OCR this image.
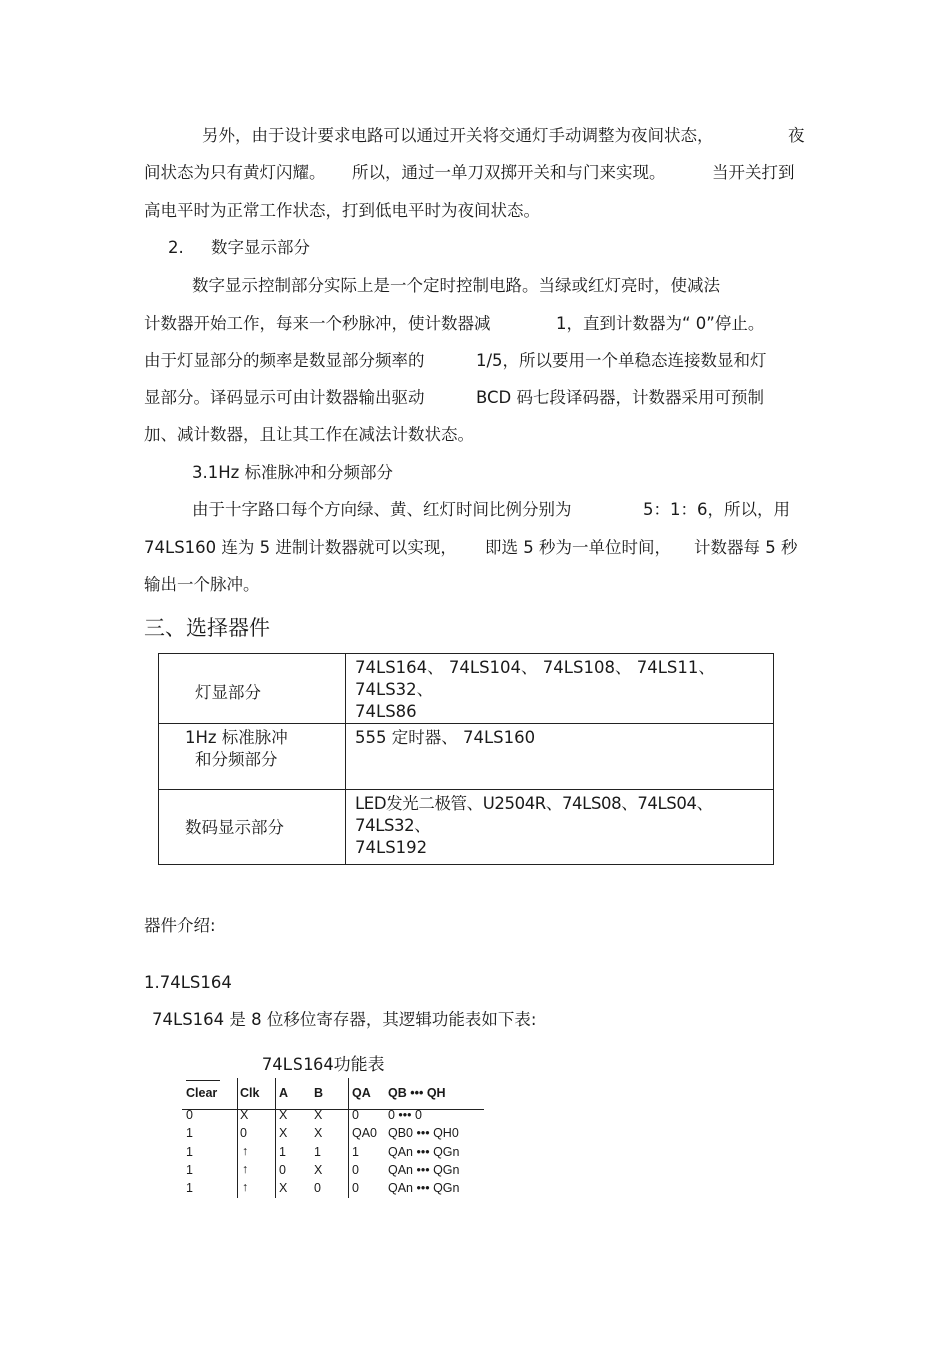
另外，由于设计要求电路可以通过开关将交通灯手动调整为夜间状态，	夜
间状态为只有黄灯闪耀。 所以，通过一单刀双掷开关和与门来实现。	当开关打到
高电平时为正常工作状态，打到低电平时为夜间状态。
2. 数字显示部分
数字显示控制部分实际上是一个定时控制电路。当绿或红灯亮时，使减法
计数器开始工作，每来一个秒脉冲，使计数器减	1，直到计数器为“ 0”停止。
由于灯显部分的频率是数显部分频率的	1/5，所以要用一个单稳态连接数显和灯
显部分。译码显示可由计数器输出驱动	BCD 码七段译码器，计数器采用可预制
加、减计数器，且让其工作在减法计数状态。
3.1Hz 标准脉冲和分频部分
由于十字路口每个方向绿、黄、红灯时间比例分别为	5：1：6，所以，用
74LS160 连为 5 进制计数器就可以实现， 即选 5 秒为一单位时间， 计数器每 5 秒
输出一个脉冲。
三、选择器件
灯显部分	74LS164、 74LS104、 74LS108、 74LS11、 74LS32、
74LS86

1Hz 标准脉冲
和分频部分	555 定时器、 74LS160

数码显示部分	LED发光二极管、U2504R、74LS08、74LS04、74LS32、
74LS192
器件介绍:
1.74LS164
74LS164 是 8 位移位寄存器，其逻辑功能表如下表:
74LS164功能表
Clear Clk A B QA QB ••• QH
0	X X X 0 0 ••• 0
1	0	X X QA0 QB0 ••• QH0
1	↑ 1 1 1 QAn ••• QGn
1	↑ 0 X 0 QAn ••• QGn
1	↑ X 0 0 QAn ••• QGn
